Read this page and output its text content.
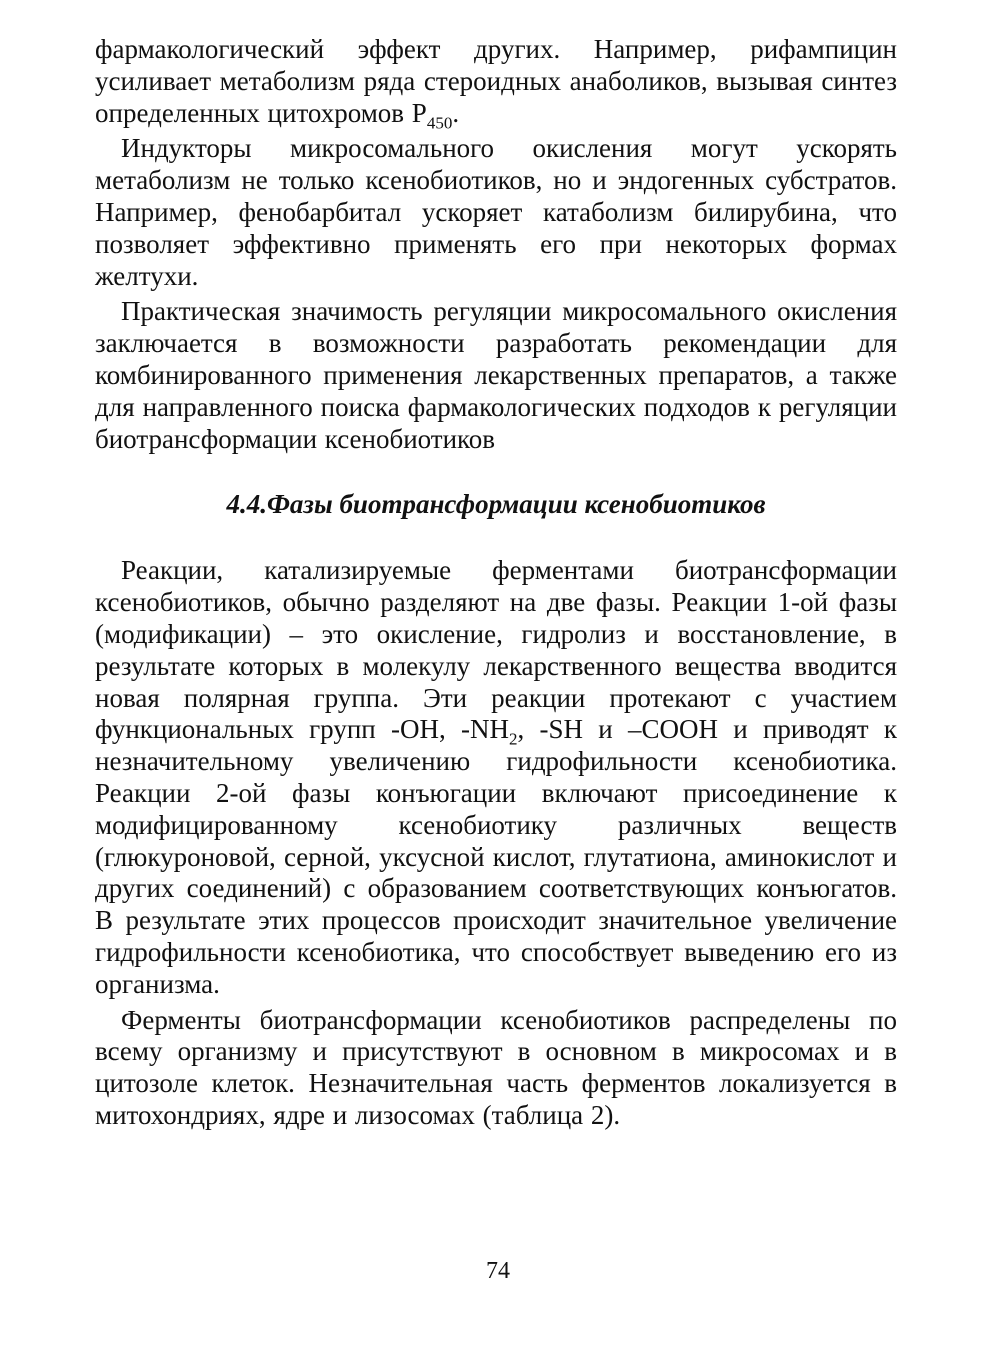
фармакологический эффект других. Например, рифампицин усиливает метаболизм ряда стероидных анаболиков, вызывая синтез определенных цитохромов $Р_{450}$.

Индукторы микросомального окисления могут ускорять метаболизм не только ксенобиотиков, но и эндогенных субстратов. Например, фенобарбитал ускоряет катаболизм билирубина, что позволяет эффективно применять его при некоторых формах желтухи.

Практическая значимость регуляции микросомального окисления заключается в возможности разработать рекомендации для комбинированного применения лекарственных препаратов, а также для направленного поиска фармакологических подходов к регуляции биотрансформации ксенобиотиков

4.4.Фазы биотрансформации ксенобиотиков

Реакции, катализируемые ферментами биотрансформации ксенобиотиков, обычно разделяют на две фазы. Реакции 1-ой фазы (модификации) – это окисление, гидролиз и восстановление, в результате которых в молекулу лекарственного вещества вводится новая полярная группа. Эти реакции протекают с участием функциональных групп -ОН, $-NH_2$, -SH и –COOH и приводят к незначительному увеличению гидрофильности ксенобиотика. Реакции 2-ой фазы конъюгации включают присоединение к модифицированному ксенобиотику различных веществ (глюкуроновой, серной, уксусной кислот, глутатиона, аминокислот и других соединений) с образованием соответствующих конъюгатов. В результате этих процессов происходит значительное увеличение гидрофильности ксенобиотика, что способствует выведению его из организма.

Ферменты биотрансформации ксенобиотиков распределены по всему организму и присутствуют в основном в микросомах и в цитозоле клеток. Незначительная часть ферментов локализуется в митохондриях, ядре и лизосомах (таблица 2).

74
